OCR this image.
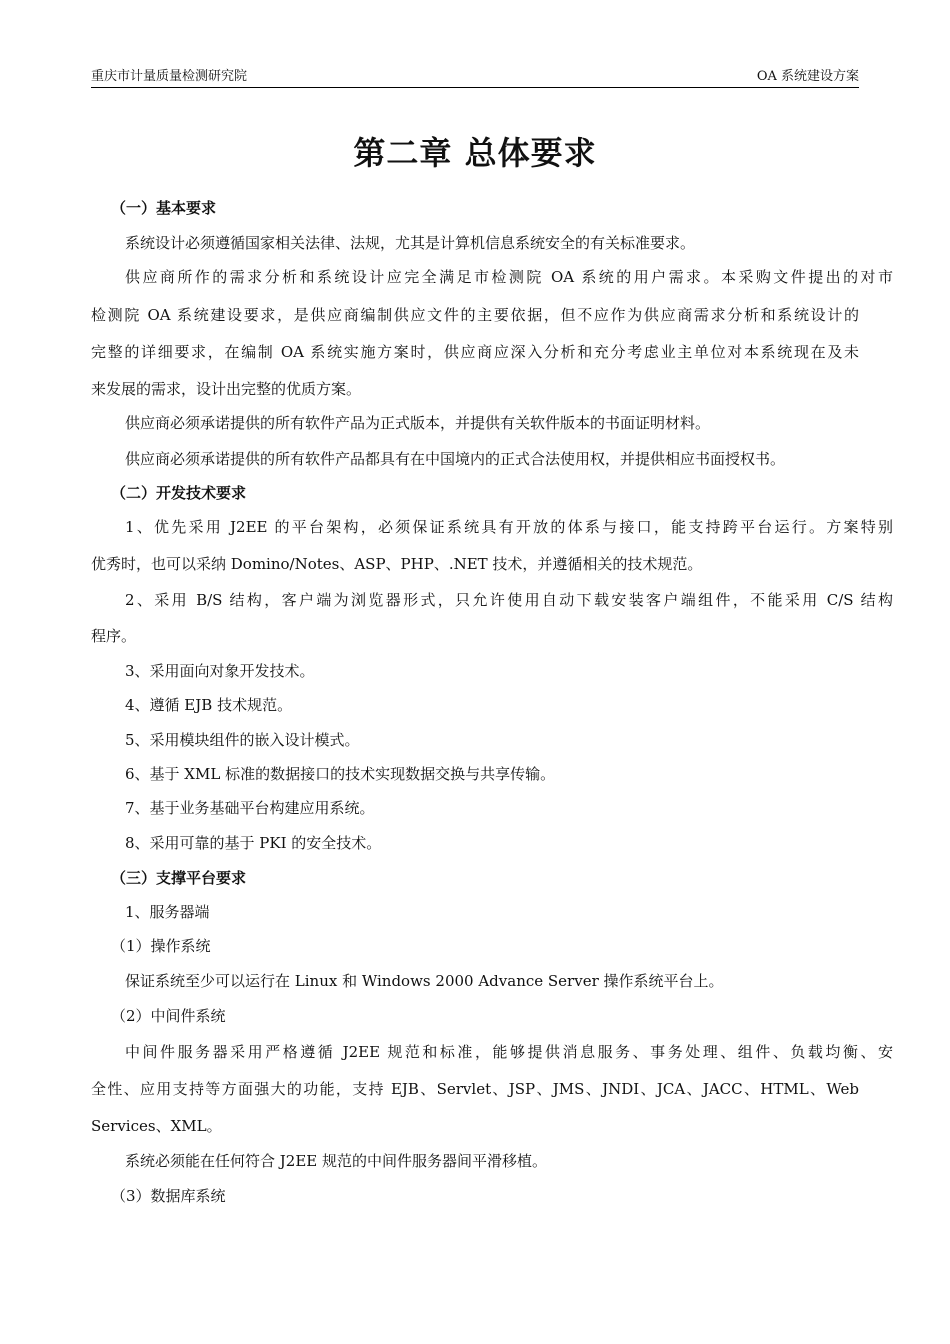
重庆市计量质量检测研究院	OA 系统建设方案
第二章 总体要求
（一）基本要求
系统设计必须遵循国家相关法律、法规，尤其是计算机信息系统安全的有关标准要求。
供应商所作的需求分析和系统设计应完全满足市检测院 OA 系统的用户需求。本采购文件提出的对市
检测院 OA 系统建设要求，是供应商编制供应文件的主要依据，但不应作为供应商需求分析和系统设计的
完整的详细要求，在编制 OA 系统实施方案时，供应商应深入分析和充分考虑业主单位对本系统现在及未
来发展的需求，设计出完整的优质方案。
供应商必须承诺提供的所有软件产品为正式版本，并提供有关软件版本的书面证明材料。
供应商必须承诺提供的所有软件产品都具有在中国境内的正式合法使用权，并提供相应书面授权书。
（二）开发技术要求
1、优先采用 J2EE 的平台架构，必须保证系统具有开放的体系与接口，能支持跨平台运行。方案特别
优秀时，也可以采纳 Domino/Notes、ASP、PHP、.NET 技术，并遵循相关的技术规范。
2、采用 B/S 结构，客户端为浏览器形式，只允许使用自动下载安装客户端组件，不能采用 C/S 结构
程序。
3、采用面向对象开发技术。
4、遵循 EJB 技术规范。
5、采用模块组件的嵌入设计模式。
6、基于 XML 标准的数据接口的技术实现数据交换与共享传输。
7、基于业务基础平台构建应用系统。
8、采用可靠的基于 PKI 的安全技术。
（三）支撑平台要求
1、服务器端
（1）操作系统
保证系统至少可以运行在 Linux 和 Windows 2000 Advance Server 操作系统平台上。
（2）中间件系统
中间件服务器采用严格遵循 J2EE 规范和标准，能够提供消息服务、事务处理、组件、负载均衡、安
全性、应用支持等方面强大的功能，支持 EJB、Servlet、JSP、JMS、JNDI、JCA、JACC、HTML、Web
Services、XML。
系统必须能在任何符合 J2EE 规范的中间件服务器间平滑移植。
（3）数据库系统
